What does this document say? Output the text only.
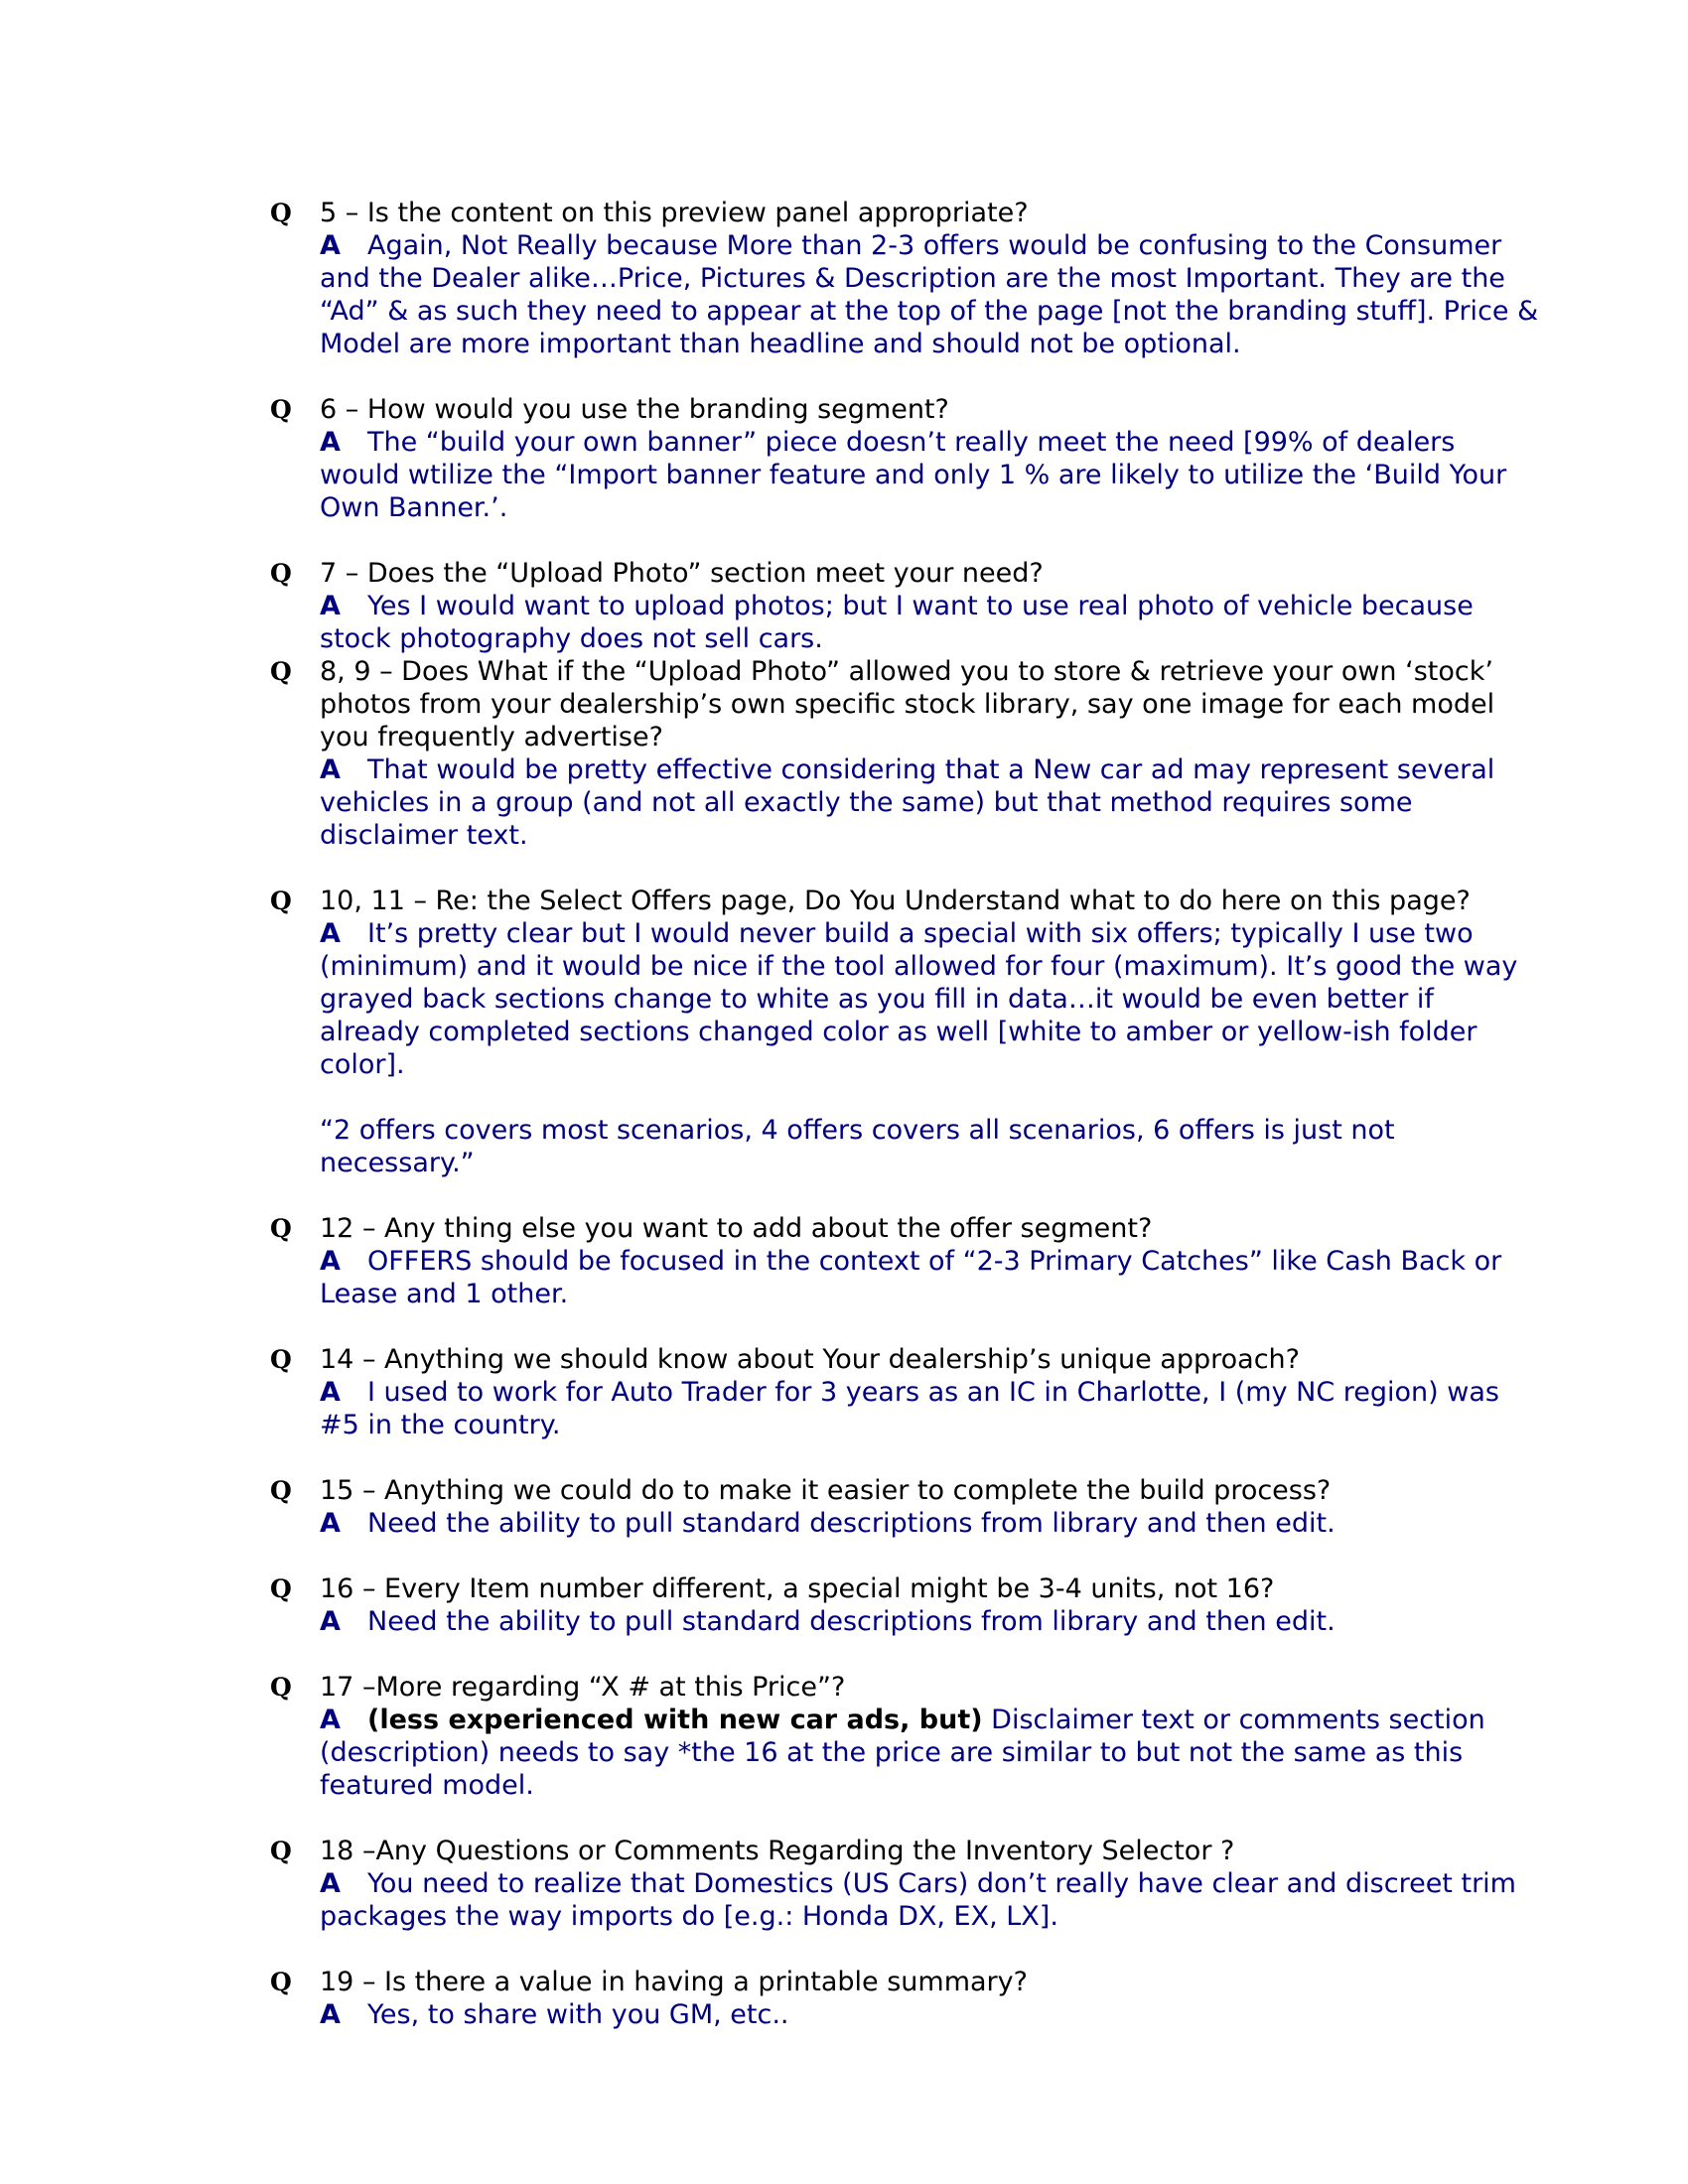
Q 5 – Is the content on this preview panel appropriate?
A Again, Not Really because More than 2-3 offers would be confusing to the Consumer and the Dealer alike…Price, Pictures & Description are the most Important. They are the “Ad” & as such they need to appear at the top of the page [not the branding stuff]. Price & Model are more important than headline and should not be optional.
Q 6 – How would you use the branding segment?
A The “build your own banner” piece doesn’t really meet the need [99% of dealers would wtilize the “Import banner feature and only 1 % are likely to utilize the ‘Build Your Own Banner.’.
Q 7 – Does the “Upload Photo” section meet your need?
A Yes I would want to upload photos; but I want to use real photo of vehicle because stock photography does not sell cars.
Q 8, 9 – Does What if the “Upload Photo” allowed you to store & retrieve your own ‘stock’ photos from your dealership’s own specific stock library, say one image for each model you frequently advertise?
A That would be pretty effective considering that a New car ad may represent several vehicles in a group (and not all exactly the same) but that method requires some disclaimer text.
Q 10, 11 – Re: the Select Offers page, Do You Understand what to do here on this page?
A It’s pretty clear but I would never build a special with six offers; typically I use two (minimum) and it would be nice if the tool allowed for four (maximum). It’s good the way grayed back sections change to white as you fill in data…it would be even better if already completed sections changed color as well [white to amber or yellow-ish folder color].
“2 offers covers most scenarios, 4 offers covers all scenarios, 6 offers is just not necessary.”
Q 12 – Any thing else you want to add about the offer segment?
A OFFERS should be focused in the context of “2-3 Primary Catches” like Cash Back or Lease and 1 other.
Q 14 – Anything we should know about Your dealership’s unique approach?
A I used to work for Auto Trader for 3 years as an IC in Charlotte, I (my NC region) was #5 in the country.
Q 15 – Anything we could do to make it easier to complete the build process?
A Need the ability to pull standard descriptions from library and then edit.
Q 16 – Every Item number different, a special might be 3-4 units, not 16?
A Need the ability to pull standard descriptions from library and then edit.
Q 17 –More regarding “X # at this Price”?
A (less experienced with new car ads, but) Disclaimer text or comments section (description) needs to say *the 16 at the price are similar to but not the same as this featured model.
Q 18 –Any Questions or Comments Regarding the Inventory Selector ?
A You need to realize that Domestics (US Cars) don’t really have clear and discreet trim packages the way imports do [e.g.: Honda DX, EX, LX].
Q 19 – Is there a value in having a printable summary?
A Yes, to share with you GM, etc..
